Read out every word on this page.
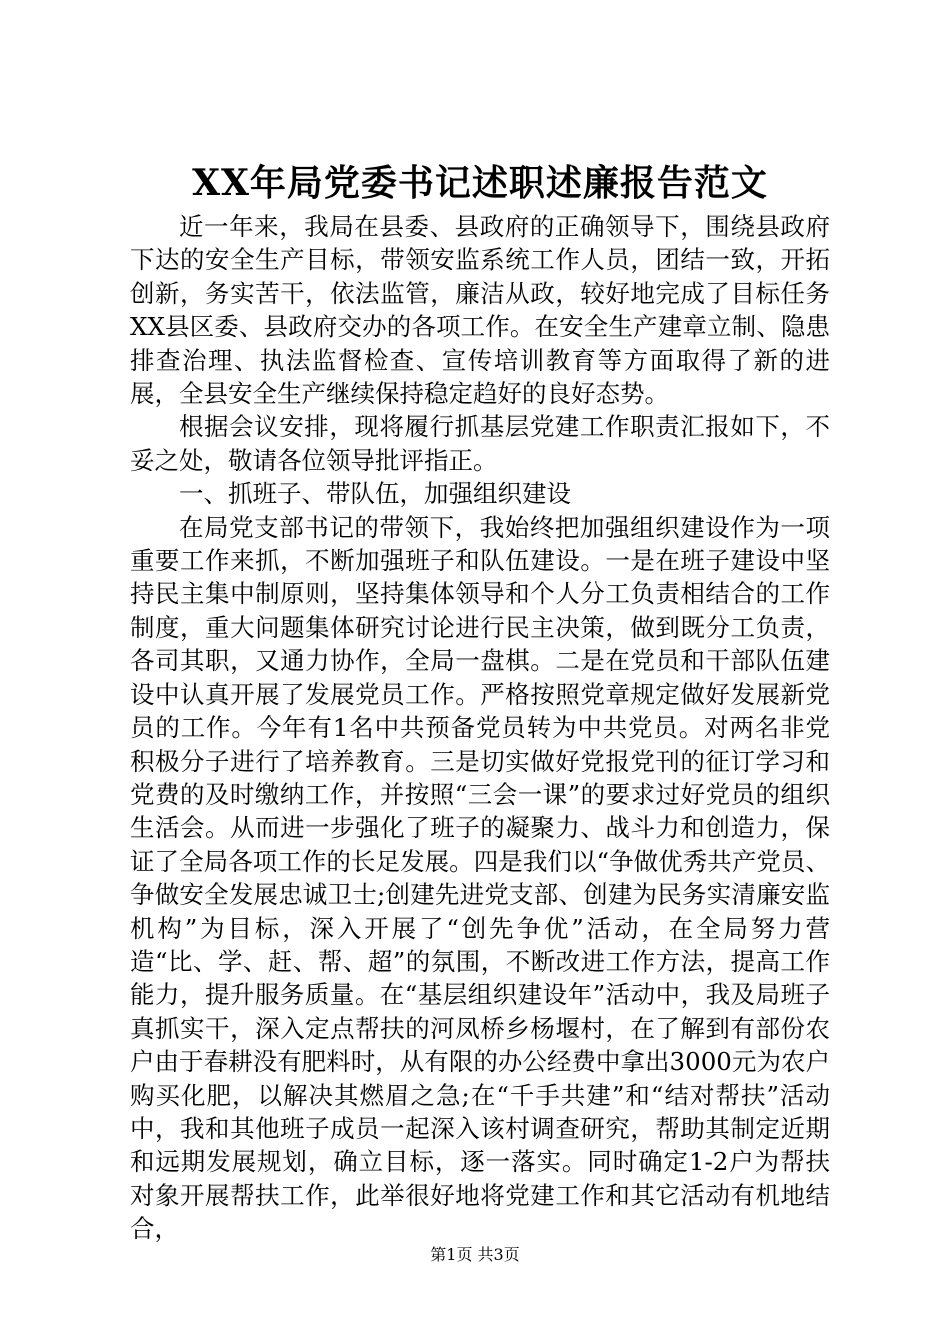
XX年局党委书记述职述廉报告范文

近一年来，我局在县委、县政府的正确领导下，围绕县政府下达的安全生产目标，带领安监系统工作人员，团结一致，开拓创新，务实苦干，依法监管，廉洁从政，较好地完成了目标任务XX县区委、县政府交办的各项工作。在安全生产建章立制、隐患排查治理、执法监督检查、宣传培训教育等方面取得了新的进展，全县安全生产继续保持稳定趋好的良好态势。

根据会议安排，现将履行抓基层党建工作职责汇报如下，不妥之处，敬请各位领导批评指正。

一、抓班子、带队伍，加强组织建设

在局党支部书记的带领下，我始终把加强组织建设作为一项重要工作来抓，不断加强班子和队伍建设。一是在班子建设中坚持民主集中制原则，坚持集体领导和个人分工负责相结合的工作制度，重大问题集体研究讨论进行民主决策，做到既分工负责，各司其职，又通力协作，全局一盘棋。二是在党员和干部队伍建设中认真开展了发展党员工作。严格按照党章规定做好发展新党员的工作。今年有1名中共预备党员转为中共党员。对两名非党积极分子进行了培养教育。三是切实做好党报党刊的征订学习和党费的及时缴纳工作，并按照“三会一课”的要求过好党员的组织生活会。从而进一步强化了班子的凝聚力、战斗力和创造力，保证了全局各项工作的长足发展。四是我们以“争做优秀共产党员、争做安全发展忠诚卫士;创建先进党支部、创建为民务实清廉安监机构”为目标，深入开展了“创先争优”活动，在全局努力营造“比、学、赶、帮、超”的氛围，不断改进工作方法，提高工作能力，提升服务质量。在“基层组织建设年”活动中，我及局班子真抓实干，深入定点帮扶的河凤桥乡杨堰村，在了解到有部份农户由于春耕没有肥料时，从有限的办公经费中拿出3000元为农户购买化肥，以解决其燃眉之急;在“千手共建”和“结对帮扶”活动中，我和其他班子成员一起深入该村调查研究，帮助其制定近期和远期发展规划，确立目标，逐一落实。同时确定1-2户为帮扶对象开展帮扶工作，此举很好地将党建工作和其它活动有机地结合，

第1页 共3页
